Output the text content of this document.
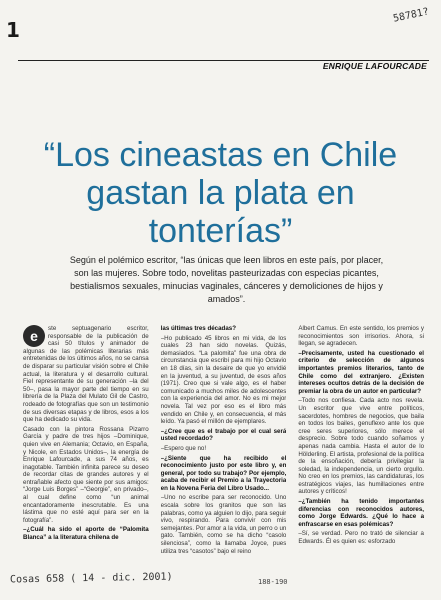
1
58781?
ENRIQUE LAFOURCADE
“Los cineastas en Chile gastan la plata en tonterías”
Según el polémico escritor, “las únicas que leen libros en este país, por placer, son las mujeres. Sobre todo, novelitas pasteurizadas con especias picantes, bestialismos sexuales, minucias vaginales, cánceres y demoliciones de hijos y amados”.

e	ste septuagenario escritor, responsable de la publicación de casi 50 títulos y animador de algunas de las polémicas literarias más entretenidas de los últimos años, no se cansa de disparar su particular visión sobre el Chile actual, la literatura y el desarrollo cultural. Fiel representante de su generación –la del 50–, pasa la mayor parte del tiempo en su librería de la Plaza del Mulato Gil de Castro, rodeado de fotografías que son un testimonio de sus diversas etapas y de libros, esos a los que ha dedicado su vida.

Casado con la pintora Rossana Pizarro García y padre de tres hijos –Dominique, quien vive en Alemania; Octavio, en España, y Nicole, en Estados Unidos–, la energía de Enrique Lafourcade, a sus 74 años, es inagotable. También infinita parece su deseo de recordar citas de grandes autores y el entrañable afecto que siente por sus amigos: “Jorge Luis Borges” –“Georgie”, en privado–, al cual define como “un animal encantadoramente inescrutable. Es una lástima que no esté aquí para ser en la fotografía”.

–¿Cuál ha sido el aporte de “Palomita Blanca” a la literatura chilena de

las últimas tres décadas?

–Ho publicado 45 libros en mi vida, de los cuales 23 han sido novelas. Quizás, demasiados. “La palomita” fue una obra de circunstancia que escribí para mi hijo Octavio en 18 días, sin la desaire de que yo envidié en la juventud, a su juventud, de esos años (1971). Creo que si vale algo, es el haber comunicado a muchos miles de adolescentes con la experiencia del amor. No es mi mejor novela. Tal vez por eso es el libro más vendido en Chile y, en consecuencia, el más leído. Ya pasó el millón de ejemplares.

–¿Cree que es el trabajo por el cual será usted recordado?

–Espero que no!

–¿Siente que ha recibido el reconocimiento justo por este libro y, en general, por todo su trabajo? Por ejemplo, acaba de recibir el Premio a la Trayectoria en la Novena Feria del Libro Usado...

–Uno no escribe para ser reconocido. Uno escala sobre los granitos que son las palabras, como ya alguien lo dijo, para seguir vivo, respirando. Para convivir con mis semejantes. Por amor a la vida, un perro o un gato. También, como se ha dicho “casolo silenciosa”, como la llamaba Joyce, pues utiliza tres “casotos” bajo el reino

Albert Camus. En este sentido, los premios y reconocimientos son irrisorios. Ahora, si llegan, se agradecen.

–Precisamente, usted ha cuestionado el criterio de selección de algunos importantes premios literarios, tanto de Chile como del extranjero. ¿Existen intereses ocultos detrás de la decisión de premiar la obra de un autor en particular?

–Todo nos confiesa. Cada acto nos revela. Un escritor que vive entre políticos, sacerdotes, hombres de negocios, que baila en todos los bailes, genuflexo ante los que cree seres superiores, sólo merece el desprecio. Sobre todo cuando soñamos y apenas nada cambia. Hasta el autor de lo Hölderling. El artista, profesional de la política de la ensoñación, debería privilegiar la soledad, la independencia, un cierto orgullo. No creo en los premios, las candidaturas, los estratégicos viajes, las humillaciones entre autores y críticos!

–¿También ha tenido importantes diferencias con reconocidos autores, como Jorge Edwards. ¿Qué lo hace a enfrascarse en esas polémicas?

–Sí, se verdad. Pero no trató de silenciar a Edwards. Él es quien es: esforzado

Cosas 658 ( 14 - dic. 2001)	188-190
